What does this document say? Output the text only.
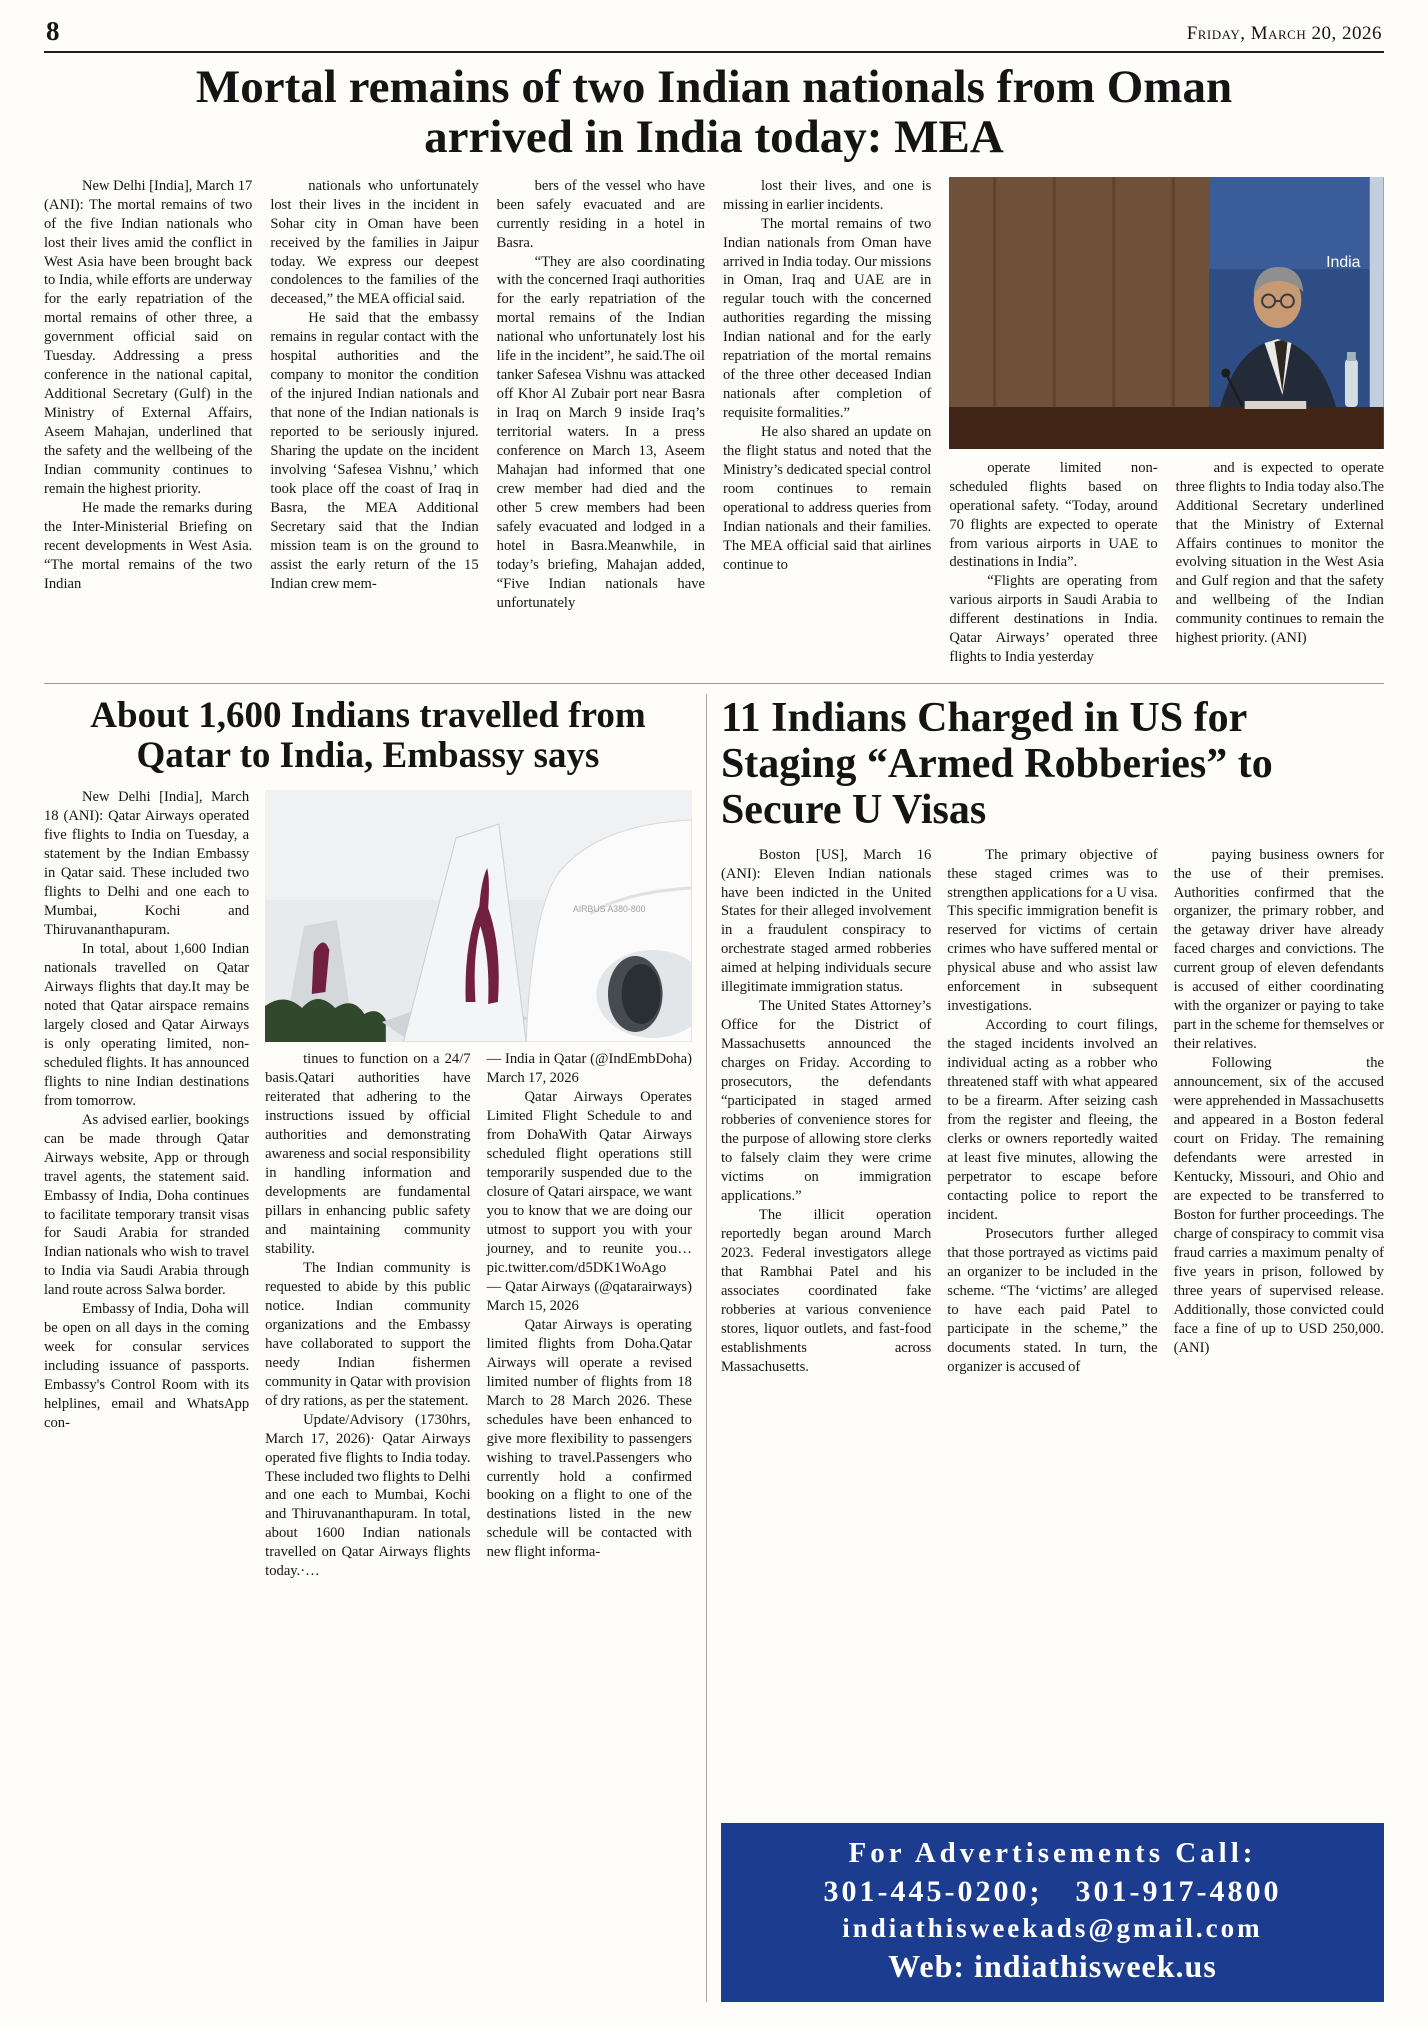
8	Friday, March 20, 2026
Mortal remains of two Indian nationals from Oman arrived in India today: MEA

New Delhi [India], March 17 (ANI): The mortal remains of two of the five Indian nationals who lost their lives amid the conflict in West Asia have been brought back to India, while efforts are underway for the early repatriation of the mortal remains of other three, a government official said on Tuesday. Addressing a press conference in the national capital, Additional Secretary (Gulf) in the Ministry of External Affairs, Aseem Mahajan, underlined that the safety and the wellbeing of the Indian community continues to remain the highest priority.

He made the remarks during the Inter-Ministerial Briefing on recent developments in West Asia. “The mortal remains of the two Indian

nationals who unfortunately lost their lives in the incident in Sohar city in Oman have been received by the families in Jaipur today. We express our deepest condolences to the families of the deceased,” the MEA official said.

He said that the embassy remains in regular contact with the hospital authorities and the company to monitor the condition of the injured Indian nationals and that none of the Indian nationals is reported to be seriously injured. Sharing the update on the incident involving ‘Safesea Vishnu,’ which took place off the coast of Iraq in Basra, the MEA Additional Secretary said that the Indian mission team is on the ground to assist the early return of the 15 Indian crew mem-

bers of the vessel who have been safely evacuated and are currently residing in a hotel in Basra.

“They are also coordinating with the concerned Iraqi authorities for the early repatriation of the mortal remains of the Indian national who unfortunately lost his life in the incident”, he said.The oil tanker Safesea Vishnu was attacked off Khor Al Zubair port near Basra in Iraq on March 9 inside Iraq’s territorial waters. In a press conference on March 13, Aseem Mahajan had informed that one crew member had died and the other 5 crew members had been safely evacuated and lodged in a hotel in Basra.Meanwhile, in today’s briefing, Mahajan added, “Five Indian nationals have unfortunately

lost their lives, and one is missing in earlier incidents.

The mortal remains of two Indian nationals from Oman have arrived in India today. Our missions in Oman, Iraq and UAE are in regular touch with the concerned authorities regarding the missing Indian national and for the early repatriation of the mortal remains of the three other deceased Indian nationals after completion of requisite formalities.”

He also shared an update on the flight status and noted that the Ministry’s dedicated special control room continues to remain operational to address queries from Indian nationals and their families. The MEA official said that airlines continue to

India

operate limited non-scheduled flights based on operational safety. “Today, around 70 flights are expected to operate from various airports in UAE to destinations in India”.

“Flights are operating from various airports in Saudi Arabia to different destinations in India. Qatar Airways’ operated three flights to India yesterday

and is expected to operate three flights to India today also.The Additional Secretary underlined that the Ministry of External Affairs continues to monitor the evolving situation in the West Asia and Gulf region and that the safety and wellbeing of the Indian community continues to remain the highest priority. (ANI)

About 1,600 Indians travelled from Qatar to India, Embassy says

New Delhi [India], March 18 (ANI): Qatar Airways operated five flights to India on Tuesday, a statement by the Indian Embassy in Qatar said. These included two flights to Delhi and one each to Mumbai, Kochi and Thiruvananthapuram.

In total, about 1,600 Indian nationals travelled on Qatar Airways flights that day.It may be noted that Qatar airspace remains largely closed and Qatar Airways is only operating limited, non-scheduled flights. It has announced flights to nine Indian destinations from tomorrow.

As advised earlier, bookings can be made through Qatar Airways website, App or through travel agents, the statement said. Embassy of India, Doha continues to facilitate temporary transit visas for Saudi Arabia for stranded Indian nationals who wish to travel to India via Saudi Arabia through land route across Salwa border.

Embassy of India, Doha will be open on all days in the coming week for consular services including issuance of passports. Embassy's Control Room with its helplines, email and WhatsApp con-

AIRBUS A380-800

tinues to function on a 24/7 basis.Qatari authorities have reiterated that adhering to the instructions issued by official authorities and demonstrating awareness and social responsibility in handling information and developments are fundamental pillars in enhancing public safety and maintaining community stability.

The Indian community is requested to abide by this public notice. Indian community organizations and the Embassy have collaborated to support the needy Indian fishermen community in Qatar with provision of dry rations, as per the statement.

Update/Advisory (1730hrs, March 17, 2026)· Qatar Airways operated five flights to India today. These included two flights to Delhi and one each to Mumbai, Kochi and Thiruvananthapuram. In total, about 1600 Indian nationals travelled on Qatar Airways flights today.·…

— India in Qatar (@IndEmbDoha) March 17, 2026

Qatar Airways Operates Limited Flight Schedule to and from DohaWith Qatar Airways scheduled flight operations still temporarily suspended due to the closure of Qatari airspace, we want you to know that we are doing our utmost to support you with your journey, and to reunite you… pic.twitter.com/d5DK1WoAgo

— Qatar Airways (@qatarairways) March 15, 2026

Qatar Airways is operating limited flights from Doha.Qatar Airways will operate a revised limited number of flights from 18 March to 28 March 2026. These schedules have been enhanced to give more flexibility to passengers wishing to travel.Passengers who currently hold a confirmed booking on a flight to one of the destinations listed in the new schedule will be contacted with new flight informa-

11 Indians Charged in US for Staging “Armed Robberies” to Secure U Visas

Boston [US], March 16 (ANI): Eleven Indian nationals have been indicted in the United States for their alleged involvement in a fraudulent conspiracy to orchestrate staged armed robberies aimed at helping individuals secure illegitimate immigration status.

The United States Attorney’s Office for the District of Massachusetts announced the charges on Friday. According to prosecutors, the defendants “participated in staged armed robberies of convenience stores for the purpose of allowing store clerks to falsely claim they were crime victims on immigration applications.”

The illicit operation reportedly began around March 2023. Federal investigators allege that Rambhai Patel and his associates coordinated fake robberies at various convenience stores, liquor outlets, and fast-food establishments across Massachusetts.

The primary objective of these staged crimes was to strengthen applications for a U visa. This specific immigration benefit is reserved for victims of certain crimes who have suffered mental or physical abuse and who assist law enforcement in subsequent investigations.

According to court filings, the staged incidents involved an individual acting as a robber who threatened staff with what appeared to be a firearm. After seizing cash from the register and fleeing, the clerks or owners reportedly waited at least five minutes, allowing the perpetrator to escape before contacting police to report the incident.

Prosecutors further alleged that those portrayed as victims paid an organizer to be included in the scheme. “The ‘victims’ are alleged to have each paid Patel to participate in the scheme,” the documents stated. In turn, the organizer is accused of

paying business owners for the use of their premises. Authorities confirmed that the organizer, the primary robber, and the getaway driver have already faced charges and convictions. The current group of eleven defendants is accused of either coordinating with the organizer or paying to take part in the scheme for themselves or their relatives.

Following the announcement, six of the accused were apprehended in Massachusetts and appeared in a Boston federal court on Friday. The remaining defendants were arrested in Kentucky, Missouri, and Ohio and are expected to be transferred to Boston for further proceedings. The charge of conspiracy to commit visa fraud carries a maximum penalty of five years in prison, followed by three years of supervised release. Additionally, those convicted could face a fine of up to USD 250,000. (ANI)

For Advertisements Call:
301-445-0200; 301-917-4800
indiathisweekads@gmail.com
Web: indiathisweek.us
